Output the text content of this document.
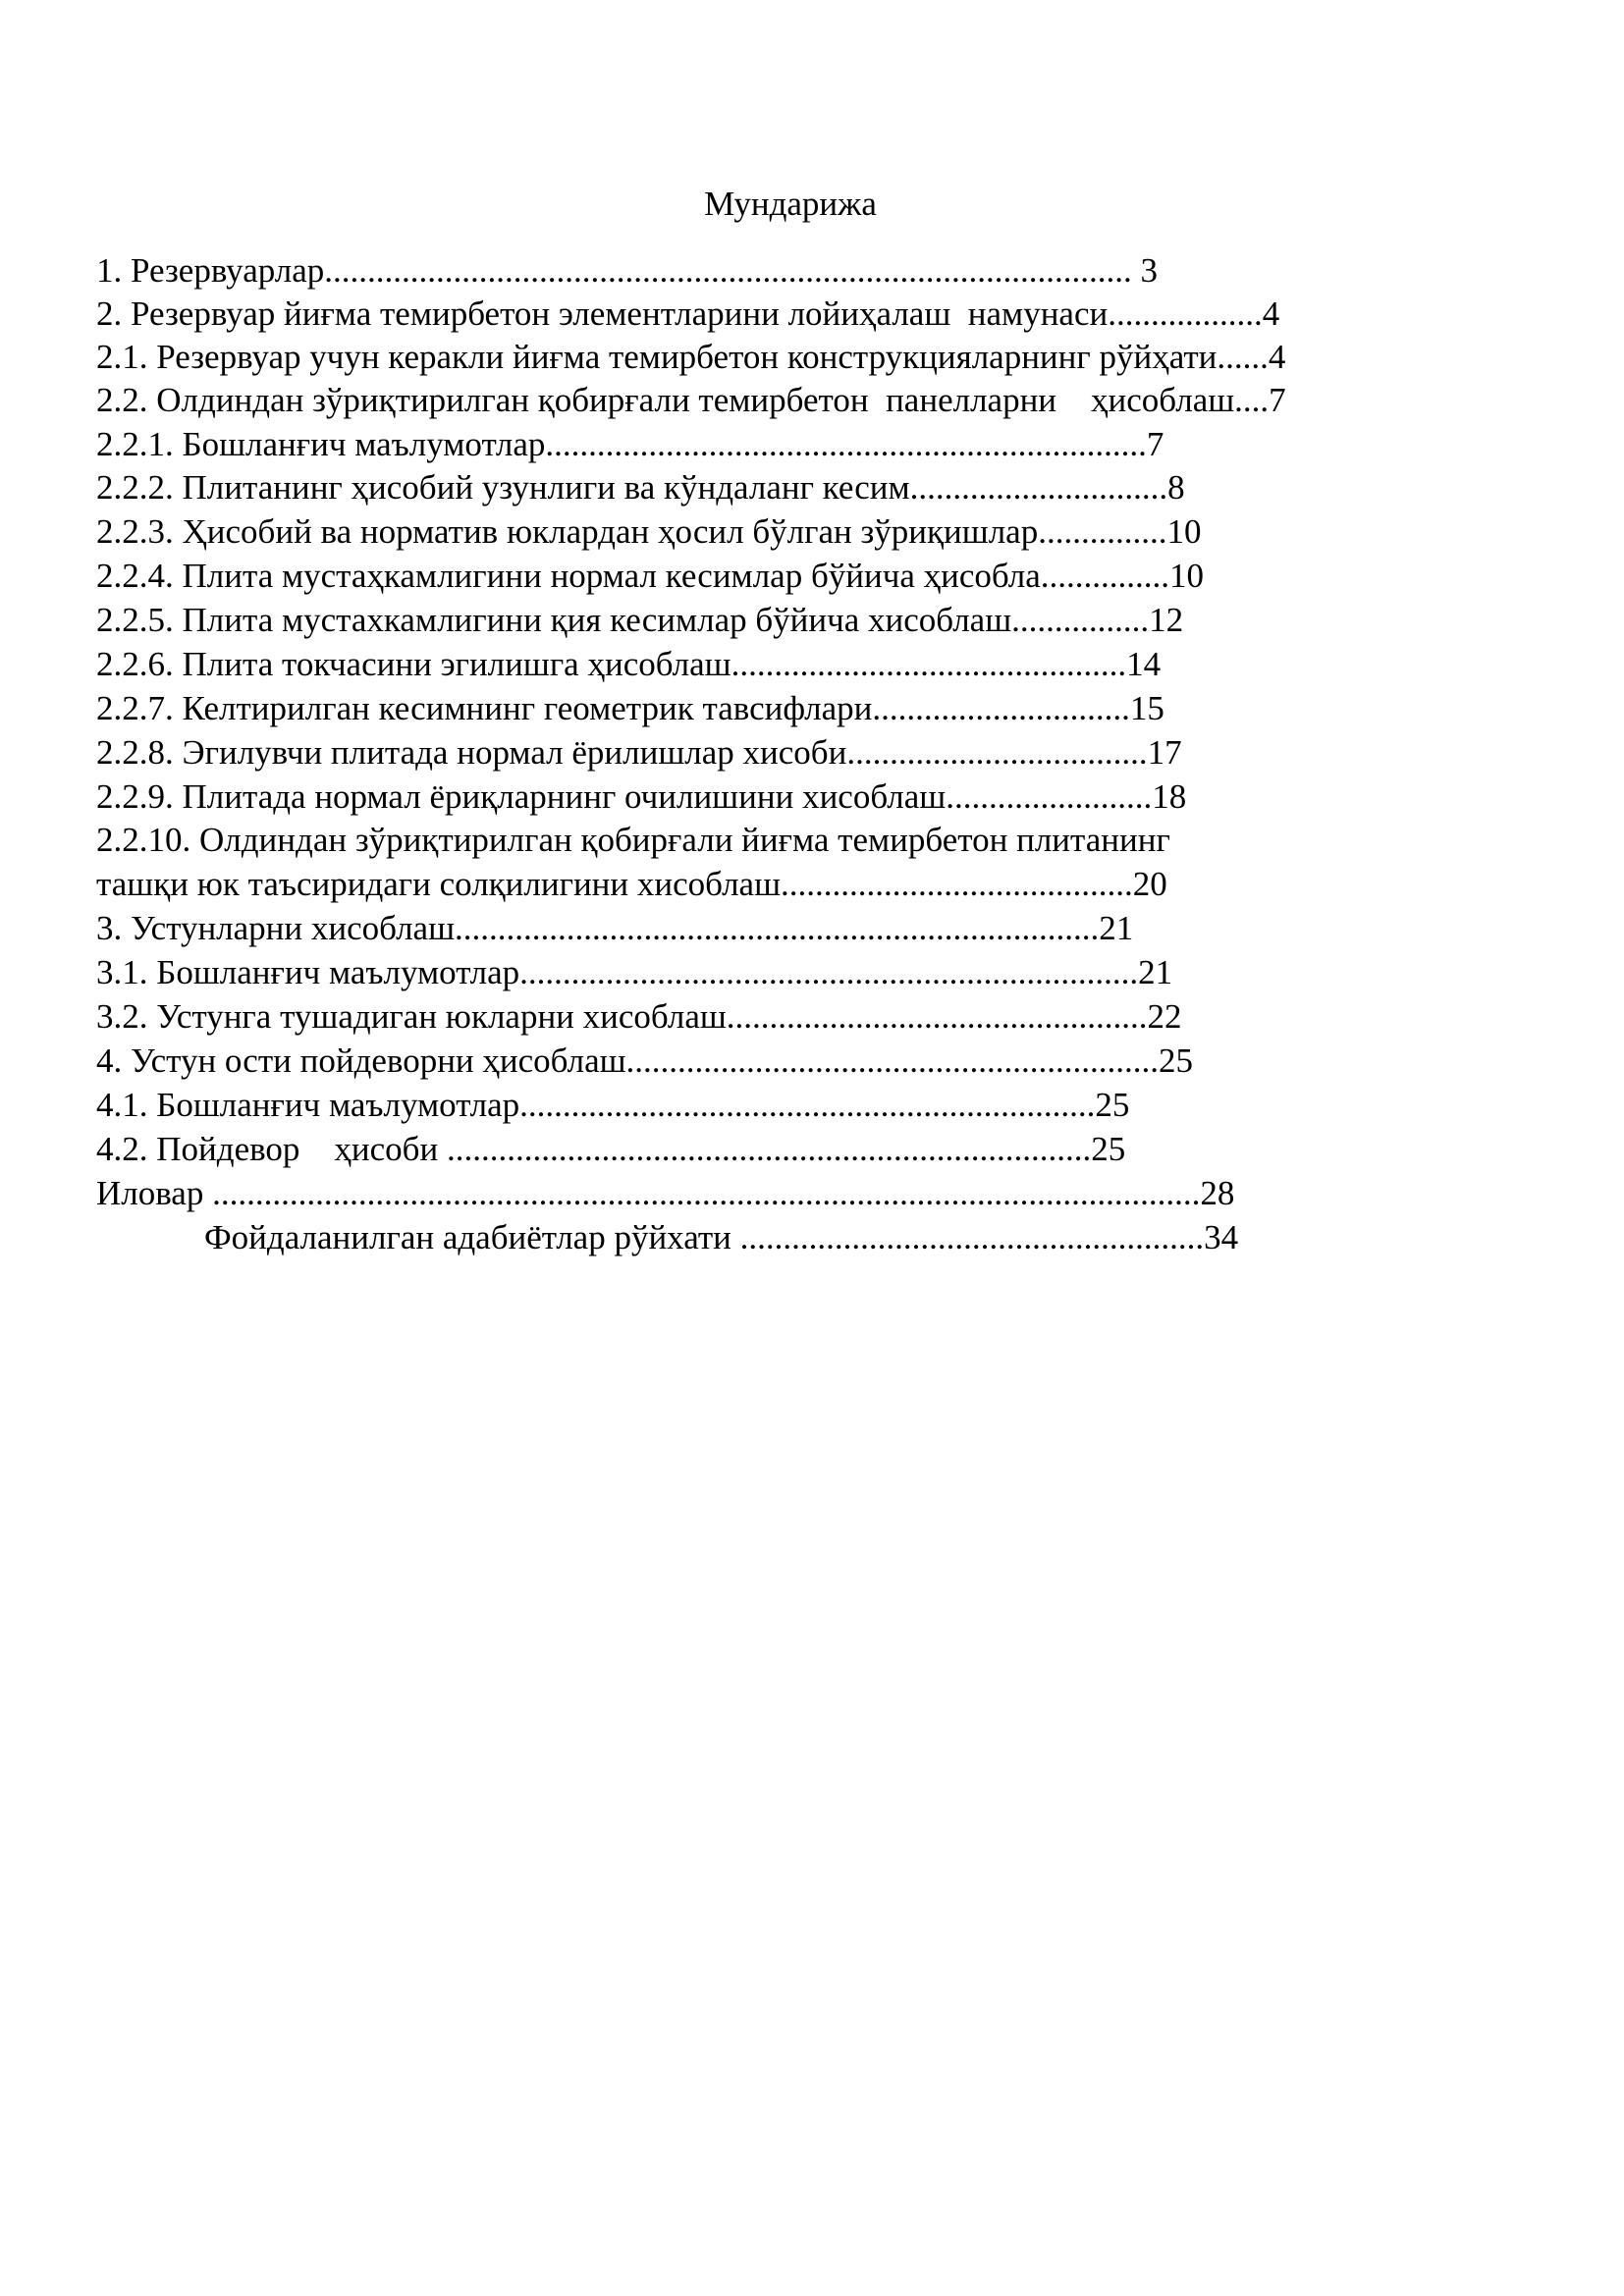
Мундарижа
1. Резервуарлар.............................................................................................. 3
2. Резервуар йиғма темирбетон элементларини лойиҳалаш  намунаси..................4
2.1. Резервуар учун керакли йиғма темирбетон конструкцияларнинг рўйҳати......4
2.2. Олдиндан зўриқтирилган қобирғали темирбетон  панелларни    ҳисоблаш....7
2.2.1. Бошланғич маълумотлар......................................................................7
2.2.2. Плитанинг ҳисобий узунлиги ва кўндаланг кесим..............................8
2.2.3. Ҳисобий ва норматив юклардан ҳосил бўлган зўриқишлар...............10
2.2.4. Плита мустаҳкамлигини нормал кесимлар бўйича ҳисобла...............10
2.2.5. Плита мустахкамлигини қия кесимлар бўйича хисоблаш................12
2.2.6. Плита токчасини эгилишга ҳисоблаш..............................................14
2.2.7. Келтирилган кесимнинг геометрик тавсифлари..............................15
2.2.8. Эгилувчи плитада нормал ёрилишлар хисоби...................................17
2.2.9. Плитада нормал ёриқларнинг очилишини хисоблаш........................18
2.2.10. Олдиндан зўриқтирилган қобирғали йиғма темирбетон плитанинг
ташқи юк таъсиридаги солқилигини хисоблаш.........................................20
3. Устунларни хисоблаш...........................................................................21
3.1. Бошланғич маълумотлар........................................................................21
3.2. Устунга тушадиган юкларни хисоблаш.................................................22
4. Устун ости пойдеворни ҳисоблаш..............................................................25
4.1. Бошланғич маълумотлар...................................................................25
4.2. Пойдевор    ҳисоби ...........................................................................25
Иловар ...................................................................................................................28
Фойдаланилган адабиётлар рўйхати ......................................................34
